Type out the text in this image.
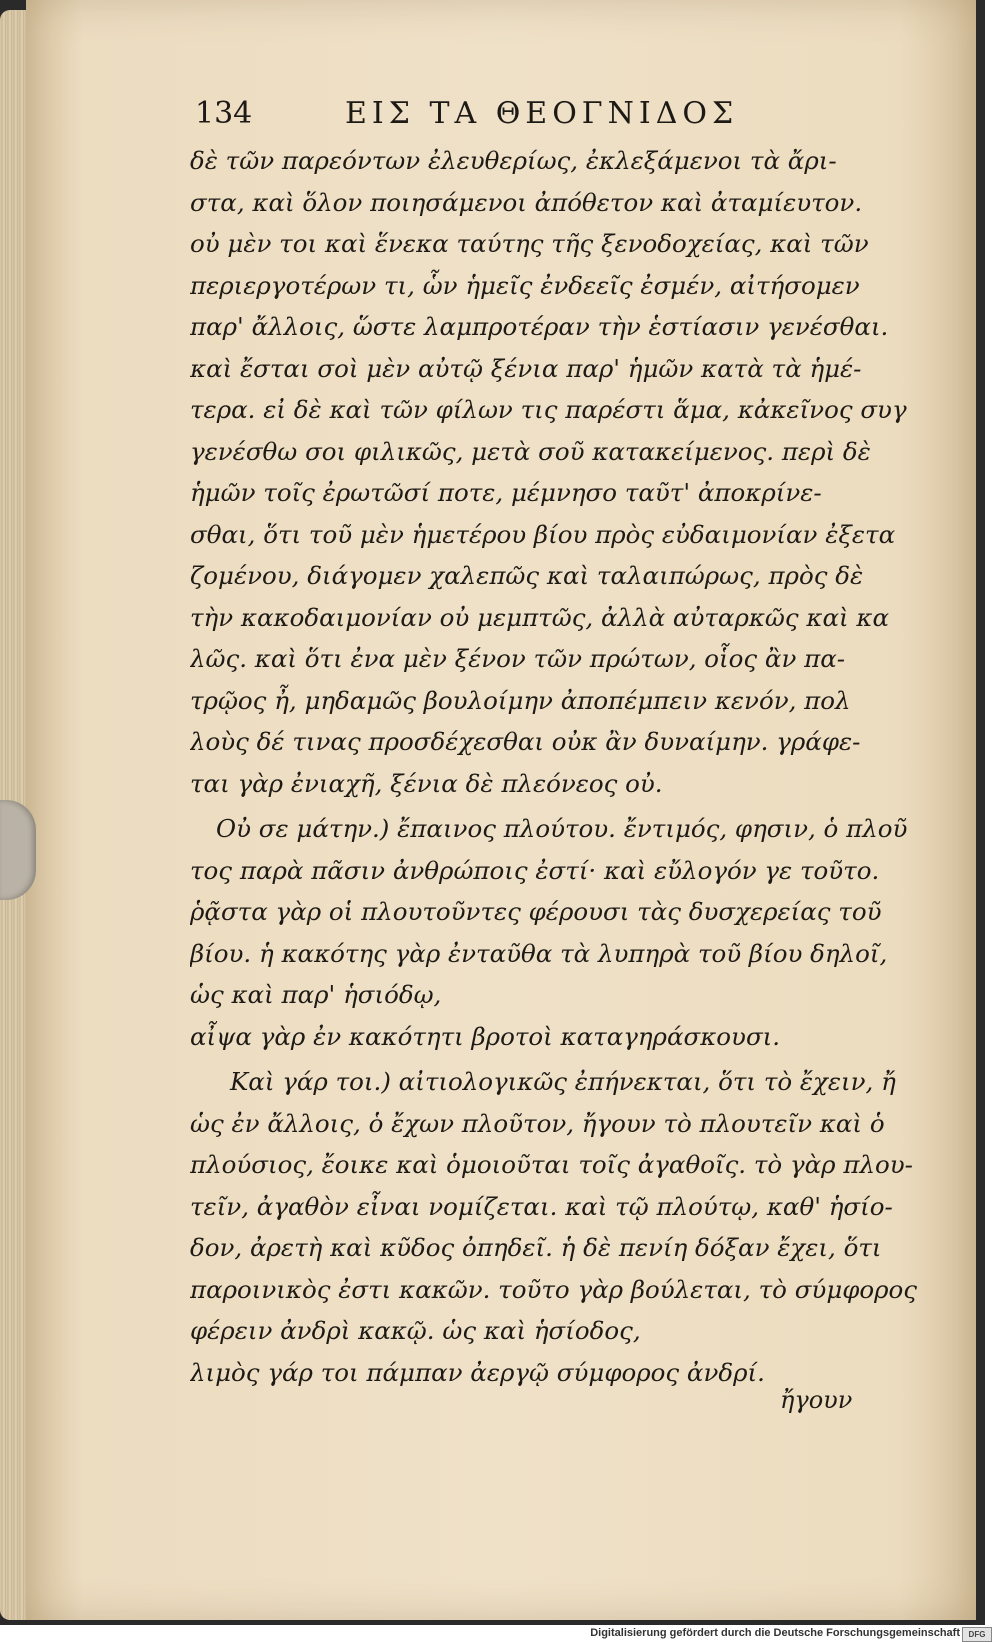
134	ΕΙΣ ΤΑ ΘΕΟΓΝΙΔΟΣ
δὲ τῶν παρεόντων ἐλευθερίως, ἐκλεξάμενοι τὰ ἄρι-
στα, καὶ ὅλον ποιησάμενοι ἀπόθετον καὶ ἀταμίευτον.
οὐ μὲν τοι καὶ ἕνεκα ταύτης τῆς ξενοδοχείας, καὶ τῶν
περιεργοτέρων τι, ὧν ἡμεῖς ἐνδεεῖς ἐσμέν, αἰτήσομεν
παρ' ἄλλοις, ὥστε λαμπροτέραν τὴν ἑστίασιν γενέσθαι.
καὶ ἔσται σοὶ μὲν αὐτῷ ξένια παρ' ἡμῶν κατὰ τὰ ἡμέ-
τερα. εἰ δὲ καὶ τῶν φίλων τις παρέστι ἅμα, κἀκεῖνος συγ
γενέσθω σοι φιλικῶς, μετὰ σοῦ κατακείμενος. περὶ δὲ
ἡμῶν τοῖς ἐρωτῶσί ποτε, μέμνησο ταῦτ' ἀποκρίνε-
σθαι, ὅτι τοῦ μὲν ἡμετέρου βίου πρὸς εὐδαιμονίαν ἐξετα
ζομένου, διάγομεν χαλεπῶς καὶ ταλαιπώρως, πρὸς δὲ
τὴν κακοδαιμονίαν οὐ μεμπτῶς, ἀλλὰ αὐταρκῶς καὶ κα
λῶς. καὶ ὅτι ἐνα μὲν ξένον τῶν πρώτων, οἷος ἂν πα-
τρῷος ἦ, μηδαμῶς βουλοίμην ἀποπέμπειν κενόν, πολ
λοὺς δέ τινας προσδέχεσθαι οὐκ ἂν δυναίμην. γράφε-
ται γὰρ ἐνιαχῆ, ξένια δὲ πλεόνεος οὐ.
Οὐ σε μάτην.) ἔπαινος πλούτου. ἔντιμός, φησιν, ὁ πλοῦ
τος παρὰ πᾶσιν ἀνθρώποις ἐστί· καὶ εὔλογόν γε τοῦτο.
ῥᾷστα γὰρ οἱ πλουτοῦντες φέρουσι τὰς δυσχερείας τοῦ
βίου. ἡ κακότης γὰρ ἐνταῦθα τὰ λυπηρὰ τοῦ βίου δηλοῖ,
ὡς καὶ παρ' ἡσιόδῳ,
αἶψα γὰρ ἐν κακότητι βροτοὶ καταγηράσκουσι.
Καὶ γάρ τοι.) αἰτιολογικῶς ἐπήνεκται, ὅτι τὸ ἔχειν, ἤ
ὡς ἐν ἄλλοις, ὁ ἔχων πλοῦτον, ἤγουν τὸ πλουτεῖν καὶ ὁ
πλούσιος, ἔοικε καὶ ὁμοιοῦται τοῖς ἀγαθοῖς. τὸ γὰρ πλου-
τεῖν, ἀγαθὸν εἶναι νομίζεται. καὶ τῷ πλούτῳ, καθ' ἡσίο-
δον, ἀρετὴ καὶ κῦδος ὀπηδεῖ. ἡ δὲ πενίη δόξαν ἔχει, ὅτι
παροινικὸς ἐστι κακῶν. τοῦτο γὰρ βούλεται, τὸ σύμφορος
φέρειν ἀνδρὶ κακῷ. ὡς καὶ ἡσίοδος,
λιμὸς γάρ τοι πάμπαν ἀεργῷ σύμφορος ἀνδρί.
ἤγουν
Digitalisierung gefördert durch die Deutsche Forschungsgemeinschaft	DFG
